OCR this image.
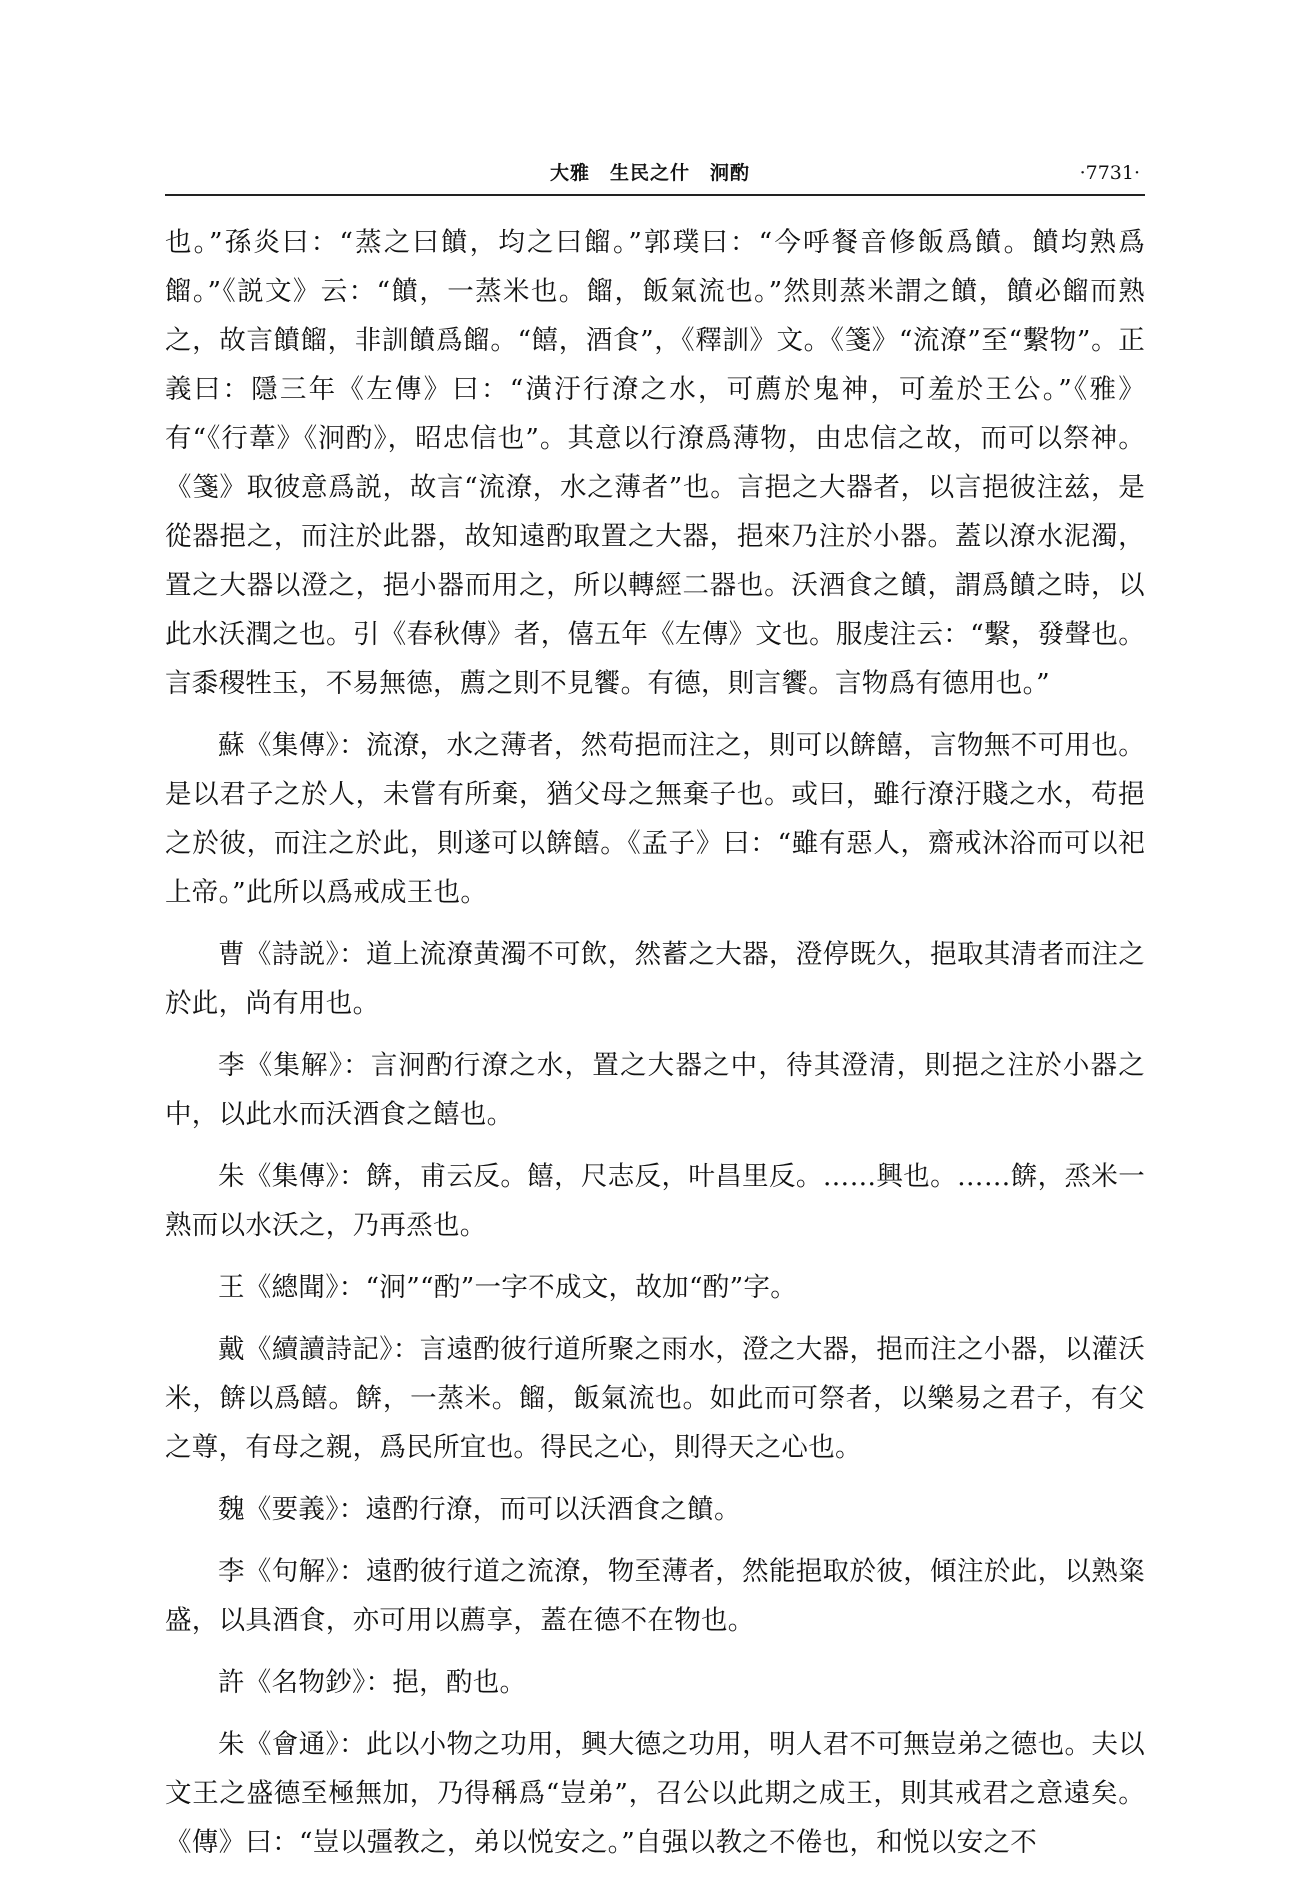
大雅　生民之什　泂酌	·7731·

也。”孫炎曰：“蒸之曰饙，均之曰餾。”郭璞曰：“今呼餐音修飯爲饙。饙均熟爲餾。”《説文》云：“饙，一蒸米也。餾，飯氣流也。”然則蒸米謂之饙，饙必餾而熟之，故言饙餾，非訓饙爲餾。“饎，酒食”，《釋訓》文。《箋》“流潦”至“繫物”。正義曰：隱三年《左傳》曰：“潢汙行潦之水，可薦於鬼神，可羞於王公。”《雅》有“《行葦》《泂酌》，昭忠信也”。其意以行潦爲薄物，由忠信之故，而可以祭神。《箋》取彼意爲説，故言“流潦，水之薄者”也。言挹之大器者，以言挹彼注兹，是從器挹之，而注於此器，故知遠酌取置之大器，挹來乃注於小器。蓋以潦水泥濁，置之大器以澄之，挹小器而用之，所以轉經二器也。沃酒食之饙，謂爲饙之時，以此水沃潤之也。引《春秋傳》者，僖五年《左傳》文也。服虔注云：“繫，發聲也。言黍稷牲玉，不易無德，薦之則不見饗。有德，則言饗。言物爲有德用也。”

蘇《集傳》：流潦，水之薄者，然苟挹而注之，則可以餴饎，言物無不可用也。是以君子之於人，未嘗有所棄，猶父母之無棄子也。或曰，雖行潦汙賤之水，苟挹之於彼，而注之於此，則遂可以餴饎。《孟子》曰：“雖有惡人，齋戒沐浴而可以祀上帝。”此所以爲戒成王也。

曹《詩説》：道上流潦黄濁不可飲，然蓄之大器，澄停既久，挹取其清者而注之於此，尚有用也。

李《集解》：言泂酌行潦之水，置之大器之中，待其澄清，則挹之注於小器之中，以此水而沃酒食之饎也。

朱《集傳》：餴，甫云反。饎，尺志反，叶昌里反。……興也。……餴，烝米一熟而以水沃之，乃再烝也。

王《總聞》：“泂”“酌”一字不成文，故加“酌”字。

戴《續讀詩記》：言遠酌彼行道所聚之雨水，澄之大器，挹而注之小器，以灌沃米，餴以爲饎。餴，一蒸米。餾，飯氣流也。如此而可祭者，以樂易之君子，有父之尊，有母之親，爲民所宜也。得民之心，則得天之心也。

魏《要義》：遠酌行潦，而可以沃酒食之饙。

李《句解》：遠酌彼行道之流潦，物至薄者，然能挹取於彼，傾注於此，以熟粢盛，以具酒食，亦可用以薦享，蓋在德不在物也。

許《名物鈔》：挹，酌也。

朱《會通》：此以小物之功用，興大德之功用，明人君不可無豈弟之德也。夫以文王之盛德至極無加，乃得稱爲“豈弟”，召公以此期之成王，則其戒君之意遠矣。《傳》曰：“豈以彊教之，弟以悦安之。”自强以教之不倦也，和悦以安之不
